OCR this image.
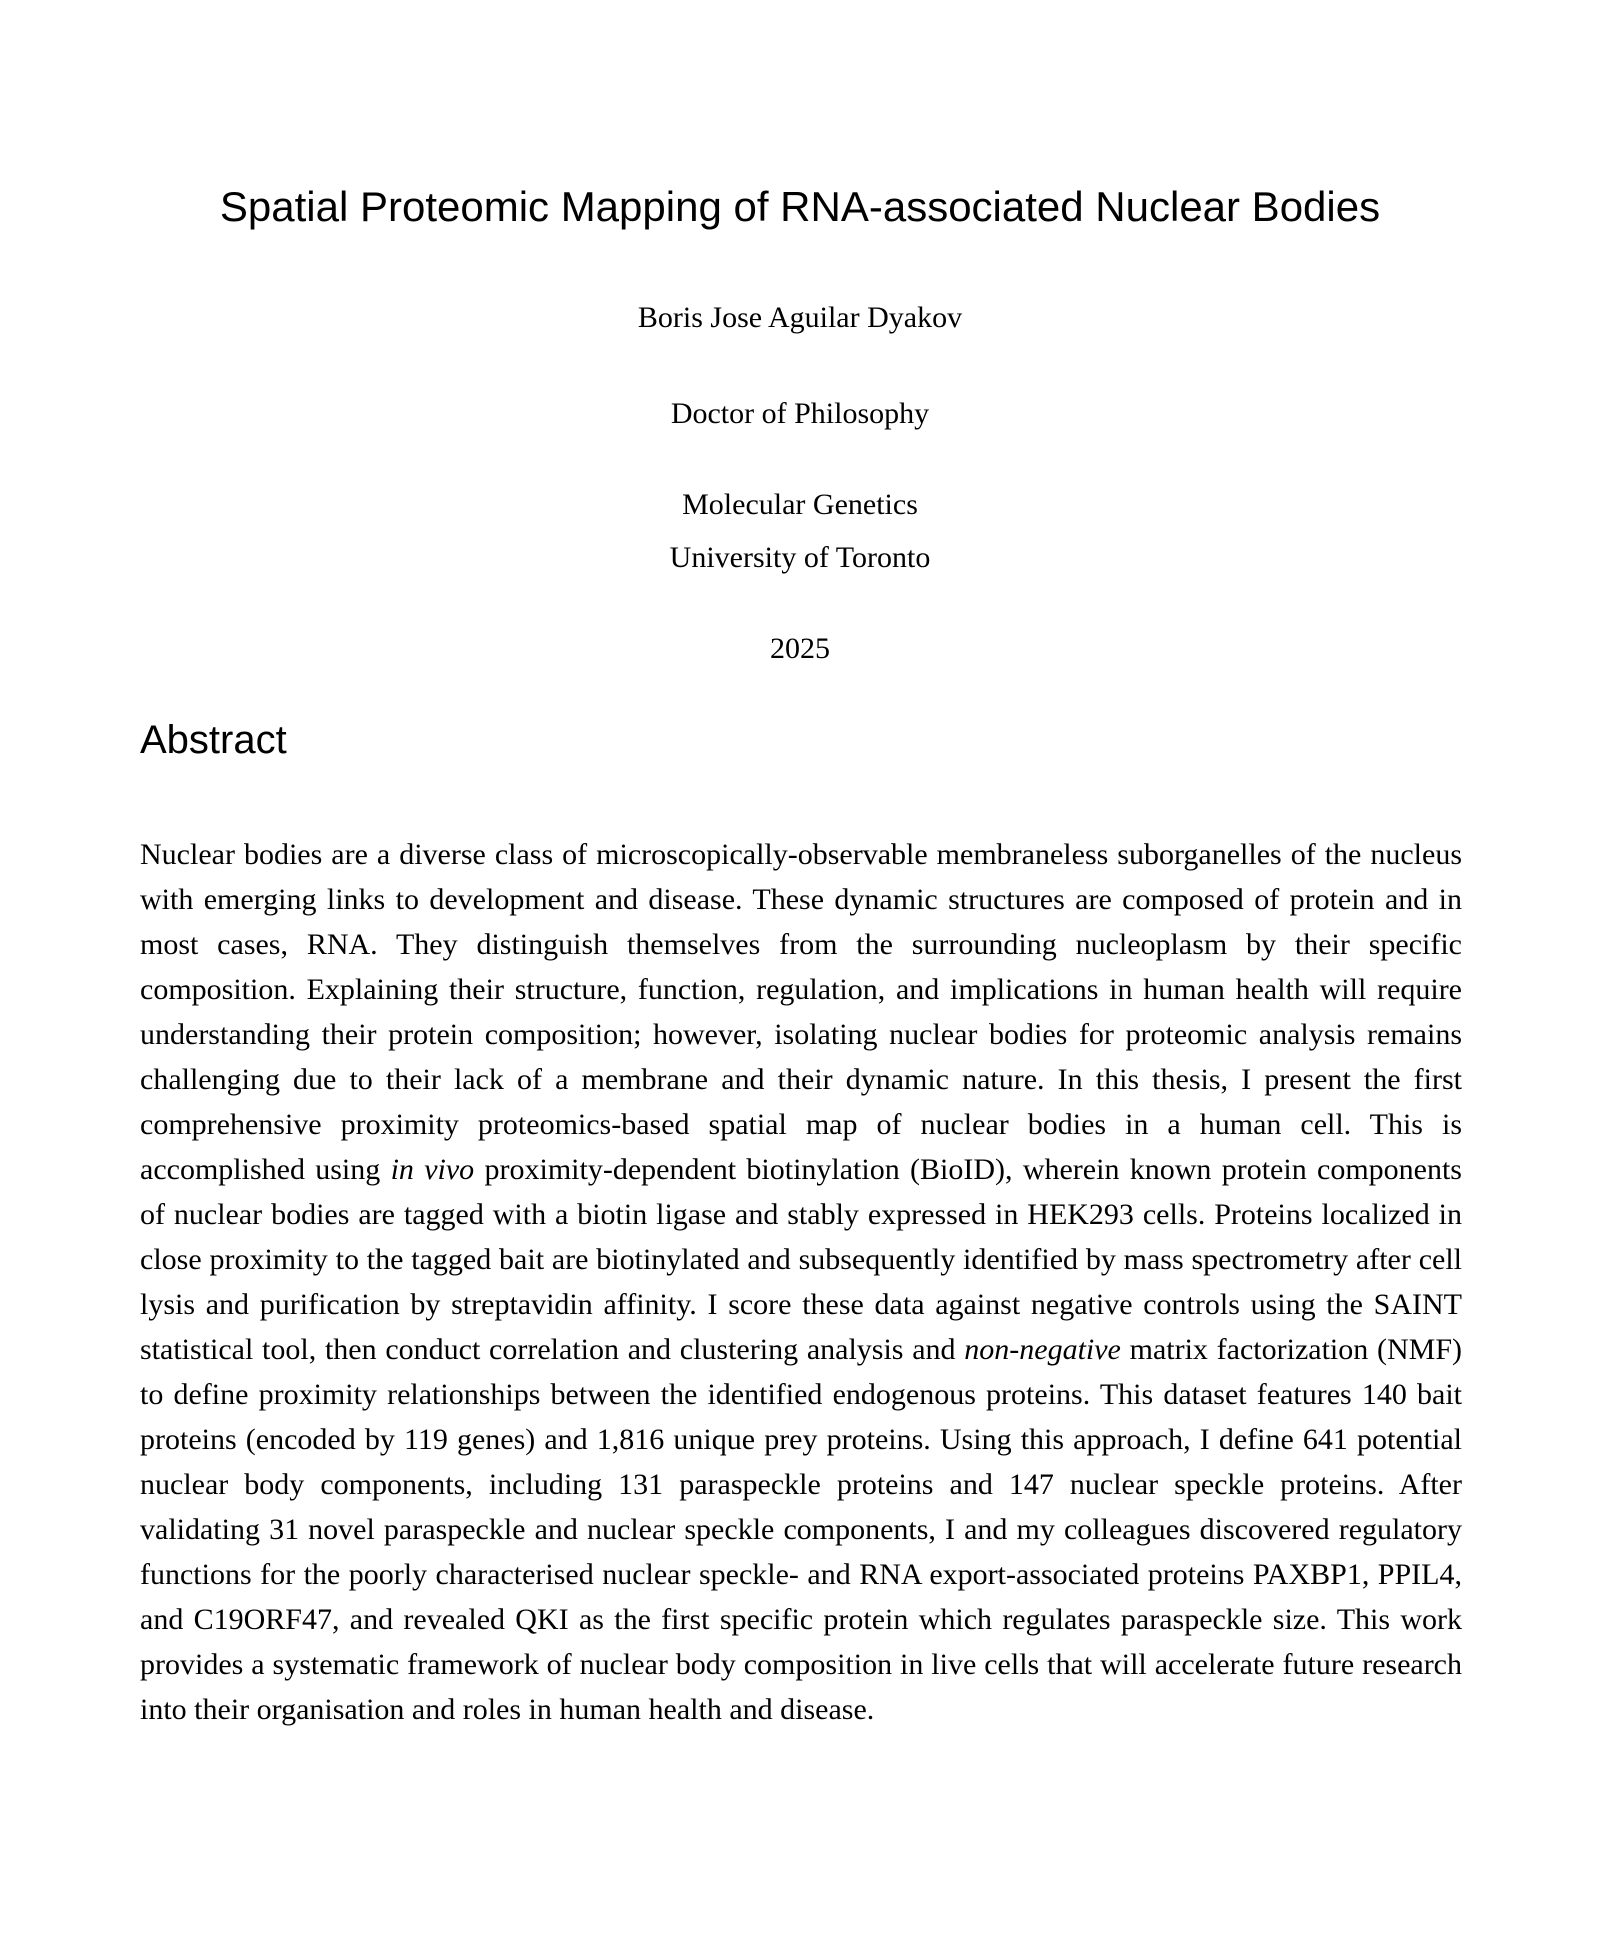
Spatial Proteomic Mapping of RNA-associated Nuclear Bodies
Boris Jose Aguilar Dyakov
Doctor of Philosophy
Molecular Genetics
University of Toronto
2025
Abstract
Nuclear bodies are a diverse class of microscopically-observable membraneless suborganelles of the nucleus with emerging links to development and disease. These dynamic structures are composed of protein and in most cases, RNA. They distinguish themselves from the surrounding nucleoplasm by their specific composition. Explaining their structure, function, regulation, and implications in human health will require understanding their protein composition; however, isolating nuclear bodies for proteomic analysis remains challenging due to their lack of a membrane and their dynamic nature. In this thesis, I present the first comprehensive proximity proteomics-based spatial map of nuclear bodies in a human cell. This is accomplished using in vivo proximity-dependent biotinylation (BioID), wherein known protein components of nuclear bodies are tagged with a biotin ligase and stably expressed in HEK293 cells. Proteins localized in close proximity to the tagged bait are biotinylated and subsequently identified by mass spectrometry after cell lysis and purification by streptavidin affinity. I score these data against negative controls using the SAINT statistical tool, then conduct correlation and clustering analysis and non-negative matrix factorization (NMF) to define proximity relationships between the identified endogenous proteins. This dataset features 140 bait proteins (encoded by 119 genes) and 1,816 unique prey proteins. Using this approach, I define 641 potential nuclear body components, including 131 paraspeckle proteins and 147 nuclear speckle proteins. After validating 31 novel paraspeckle and nuclear speckle components, I and my colleagues discovered regulatory functions for the poorly characterised nuclear speckle- and RNA export-associated proteins PAXBP1, PPIL4, and C19ORF47, and revealed QKI as the first specific protein which regulates paraspeckle size. This work provides a systematic framework of nuclear body composition in live cells that will accelerate future research into their organisation and roles in human health and disease.
